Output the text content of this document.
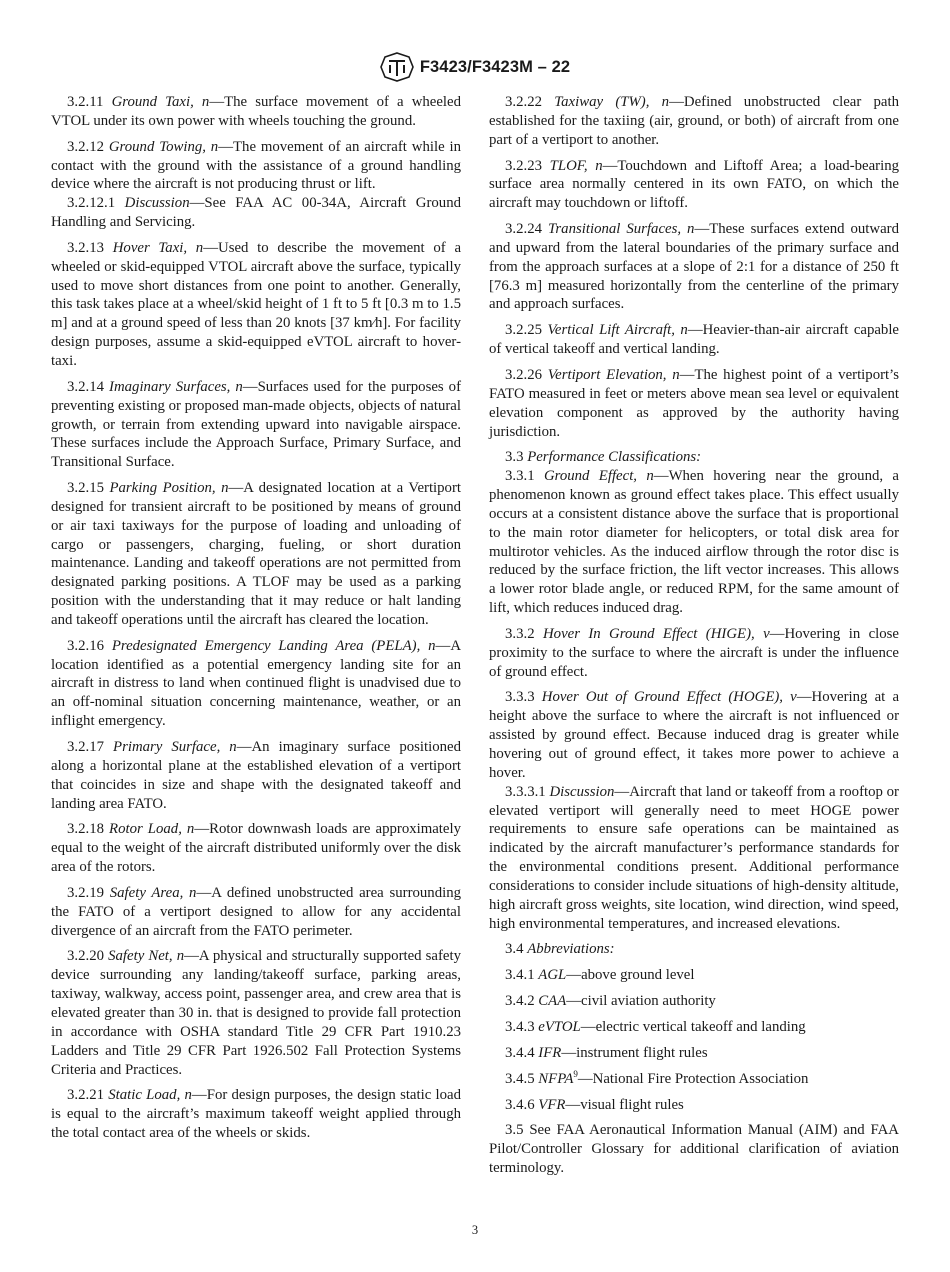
F3423/F3423M – 22

3.2.11 Ground Taxi, n—The surface movement of a wheeled VTOL under its own power with wheels touching the ground.

3.2.12 Ground Towing, n—The movement of an aircraft while in contact with the ground with the assistance of a ground handling device where the aircraft is not producing thrust or lift.

3.2.12.1 Discussion—See FAA AC 00-34A, Aircraft Ground Handling and Servicing.

3.2.13 Hover Taxi, n—Used to describe the movement of a wheeled or skid-equipped VTOL aircraft above the surface, typically used to move short distances from one point to another. Generally, this task takes place at a wheel/skid height of 1 ft to 5 ft [0.3 m to 1.5 m] and at a ground speed of less than 20 knots [37 km⁄h]. For facility design purposes, assume a skid-equipped eVTOL aircraft to hover-taxi.

3.2.14 Imaginary Surfaces, n—Surfaces used for the purposes of preventing existing or proposed man-made objects, objects of natural growth, or terrain from extending upward into navigable airspace. These surfaces include the Approach Surface, Primary Surface, and Transitional Surface.

3.2.15 Parking Position, n—A designated location at a Vertiport designed for transient aircraft to be positioned by means of ground or air taxi taxiways for the purpose of loading and unloading of cargo or passengers, charging, fueling, or short duration maintenance. Landing and takeoff operations are not permitted from designated parking positions. A TLOF may be used as a parking position with the understanding that it may reduce or halt landing and takeoff operations until the aircraft has cleared the location.

3.2.16 Predesignated Emergency Landing Area (PELA), n—A location identified as a potential emergency landing site for an aircraft in distress to land when continued flight is unadvised due to an off-nominal situation concerning maintenance, weather, or an inflight emergency.

3.2.17 Primary Surface, n—An imaginary surface positioned along a horizontal plane at the established elevation of a vertiport that coincides in size and shape with the designated takeoff and landing area FATO.

3.2.18 Rotor Load, n—Rotor downwash loads are approximately equal to the weight of the aircraft distributed uniformly over the disk area of the rotors.

3.2.19 Safety Area, n—A defined unobstructed area surrounding the FATO of a vertiport designed to allow for any accidental divergence of an aircraft from the FATO perimeter.

3.2.20 Safety Net, n—A physical and structurally supported safety device surrounding any landing/takeoff surface, parking areas, taxiway, walkway, access point, passenger area, and crew area that is elevated greater than 30 in. that is designed to provide fall protection in accordance with OSHA standard Title 29 CFR Part 1910.23 Ladders and Title 29 CFR Part 1926.502 Fall Protection Systems Criteria and Practices.

3.2.21 Static Load, n—For design purposes, the design static load is equal to the aircraft’s maximum takeoff weight applied through the total contact area of the wheels or skids.

3.2.22 Taxiway (TW), n—Defined unobstructed clear path established for the taxiing (air, ground, or both) of aircraft from one part of a vertiport to another.

3.2.23 TLOF, n—Touchdown and Liftoff Area; a load-bearing surface area normally centered in its own FATO, on which the aircraft may touchdown or liftoff.

3.2.24 Transitional Surfaces, n—These surfaces extend outward and upward from the lateral boundaries of the primary surface and from the approach surfaces at a slope of 2:1 for a distance of 250 ft [76.3 m] measured horizontally from the centerline of the primary and approach surfaces.

3.2.25 Vertical Lift Aircraft, n—Heavier-than-air aircraft capable of vertical takeoff and vertical landing.

3.2.26 Vertiport Elevation, n—The highest point of a vertiport’s FATO measured in feet or meters above mean sea level or equivalent elevation component as approved by the authority having jurisdiction.

3.3 Performance Classifications:

3.3.1 Ground Effect, n—When hovering near the ground, a phenomenon known as ground effect takes place. This effect usually occurs at a consistent distance above the surface that is proportional to the main rotor diameter for helicopters, or total disk area for multirotor vehicles. As the induced airflow through the rotor disc is reduced by the surface friction, the lift vector increases. This allows a lower rotor blade angle, or reduced RPM, for the same amount of lift, which reduces induced drag.

3.3.2 Hover In Ground Effect (HIGE), v—Hovering in close proximity to the surface to where the aircraft is under the influence of ground effect.

3.3.3 Hover Out of Ground Effect (HOGE), v—Hovering at a height above the surface to where the aircraft is not influenced or assisted by ground effect. Because induced drag is greater while hovering out of ground effect, it takes more power to achieve a hover.

3.3.3.1 Discussion—Aircraft that land or takeoff from a rooftop or elevated vertiport will generally need to meet HOGE power requirements to ensure safe operations can be maintained as indicated by the aircraft manufacturer’s performance standards for the environmental conditions present. Additional performance considerations to consider include situations of high-density altitude, high aircraft gross weights, site location, wind direction, wind speed, high environmental temperatures, and increased elevations.

3.4 Abbreviations:

3.4.1 AGL—above ground level

3.4.2 CAA—civil aviation authority

3.4.3 eVTOL—electric vertical takeoff and landing

3.4.4 IFR—instrument flight rules

3.4.5 NFPA$^9$—National Fire Protection Association

3.4.6 VFR—visual flight rules

3.5 See FAA Aeronautical Information Manual (AIM) and FAA Pilot/Controller Glossary for additional clarification of aviation terminology.

3
